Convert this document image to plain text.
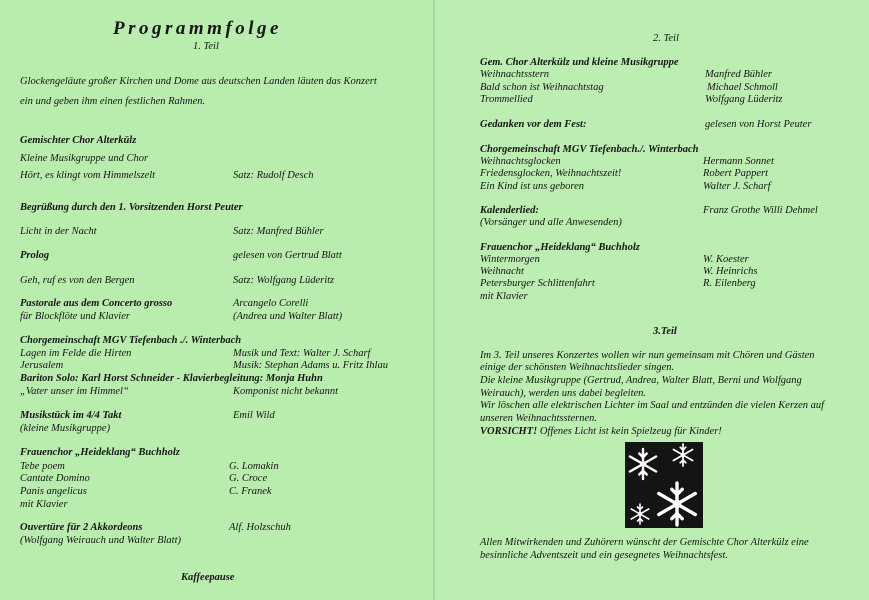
Programmfolge
1. Teil
Glockengeläute großer Kirchen und Dome aus deutschen Landen läuten das Konzert
ein und geben ihm einen festlichen Rahmen.
Gemischter Chor Alterkülz
Kleine Musikgruppe und Chor
Hört, es klingt vom Himmelszelt	Satz: Rudolf Desch
Begrüßung durch den 1. Vorsitzenden Horst Peuter
Licht in der Nacht	Satz: Manfred Bühler
Prolog	gelesen von Gertrud Blatt
Geh, ruf es von den Bergen	Satz: Wolfgang Lüderitz
Pastorale aus dem Concerto grosso	Arcangelo Corelli
für Blockflöte und Klavier	(Andrea und Walter Blatt)
Chorgemeinschaft MGV Tiefenbach ./. Winterbach
Lagen im Felde die Hirten	Musik und Text: Walter J. Scharf
Jerusalem	Musik: Stephan Adams u. Fritz Ihlau
Bariton Solo: Karl Horst Schneider - Klavierbegleitung: Monja Huhn
„Vater unser im Himmel“	Komponist nicht bekannt
Musikstück im 4/4 Takt	Emil Wild
(kleine Musikgruppe)
Frauenchor „Heideklang“ Buchholz
Tebe poem	G. Lomakin
Cantate Domino	G. Croce
Panis angelicus	C. Franek
mit Klavier
Ouvertüre für 2 Akkordeons	Alf. Holzschuh
(Wolfgang Weirauch und Walter Blatt)
Kaffeepause
2. Teil
Gem. Chor Alterkülz und kleine Musikgruppe
Weihnachtsstern	Manfred Bühler
Bald schon ist Weihnachtstag	Michael Schmoll
Trommellied	Wolfgang Lüderitz
Gedanken vor dem Fest:	gelesen von Horst Peuter
Chorgemeinschaft MGV Tiefenbach./. Winterbach
Weihnachtsglocken	Hermann Sonnet
Friedensglocken, Weihnachtszeit!	Robert Pappert
Ein Kind ist uns geboren	Walter J. Scharf
Kalenderlied:	Franz Grothe Willi Dehmel
(Vorsänger und alle Anwesenden)
Frauenchor „Heideklang“ Buchholz
Wintermorgen	W. Koester
Weihnacht	W. Heinrichs
Petersburger Schlittenfahrt	R. Eilenberg
mit Klavier
3.Teil
Im 3. Teil unseres Konzertes wollen wir nun gemeinsam mit Chören und Gästen
einige der schönsten Weihnachtslieder singen.
Die kleine Musikgruppe (Gertrud, Andrea, Walter Blatt, Berni und Wolfgang
Weirauch), werden uns dabei begleiten.
Wir löschen alle elektrischen Lichter im Saal und entzünden die vielen Kerzen auf
unseren Weihnachtssternen.
VORSICHT! Offenes Licht ist kein Spielzeug für Kinder!
Allen Mitwirkenden und Zuhörern wünscht der Gemischte Chor Alterkülz eine
besinnliche Adventszeit und ein gesegnetes Weihnachtsfest.
